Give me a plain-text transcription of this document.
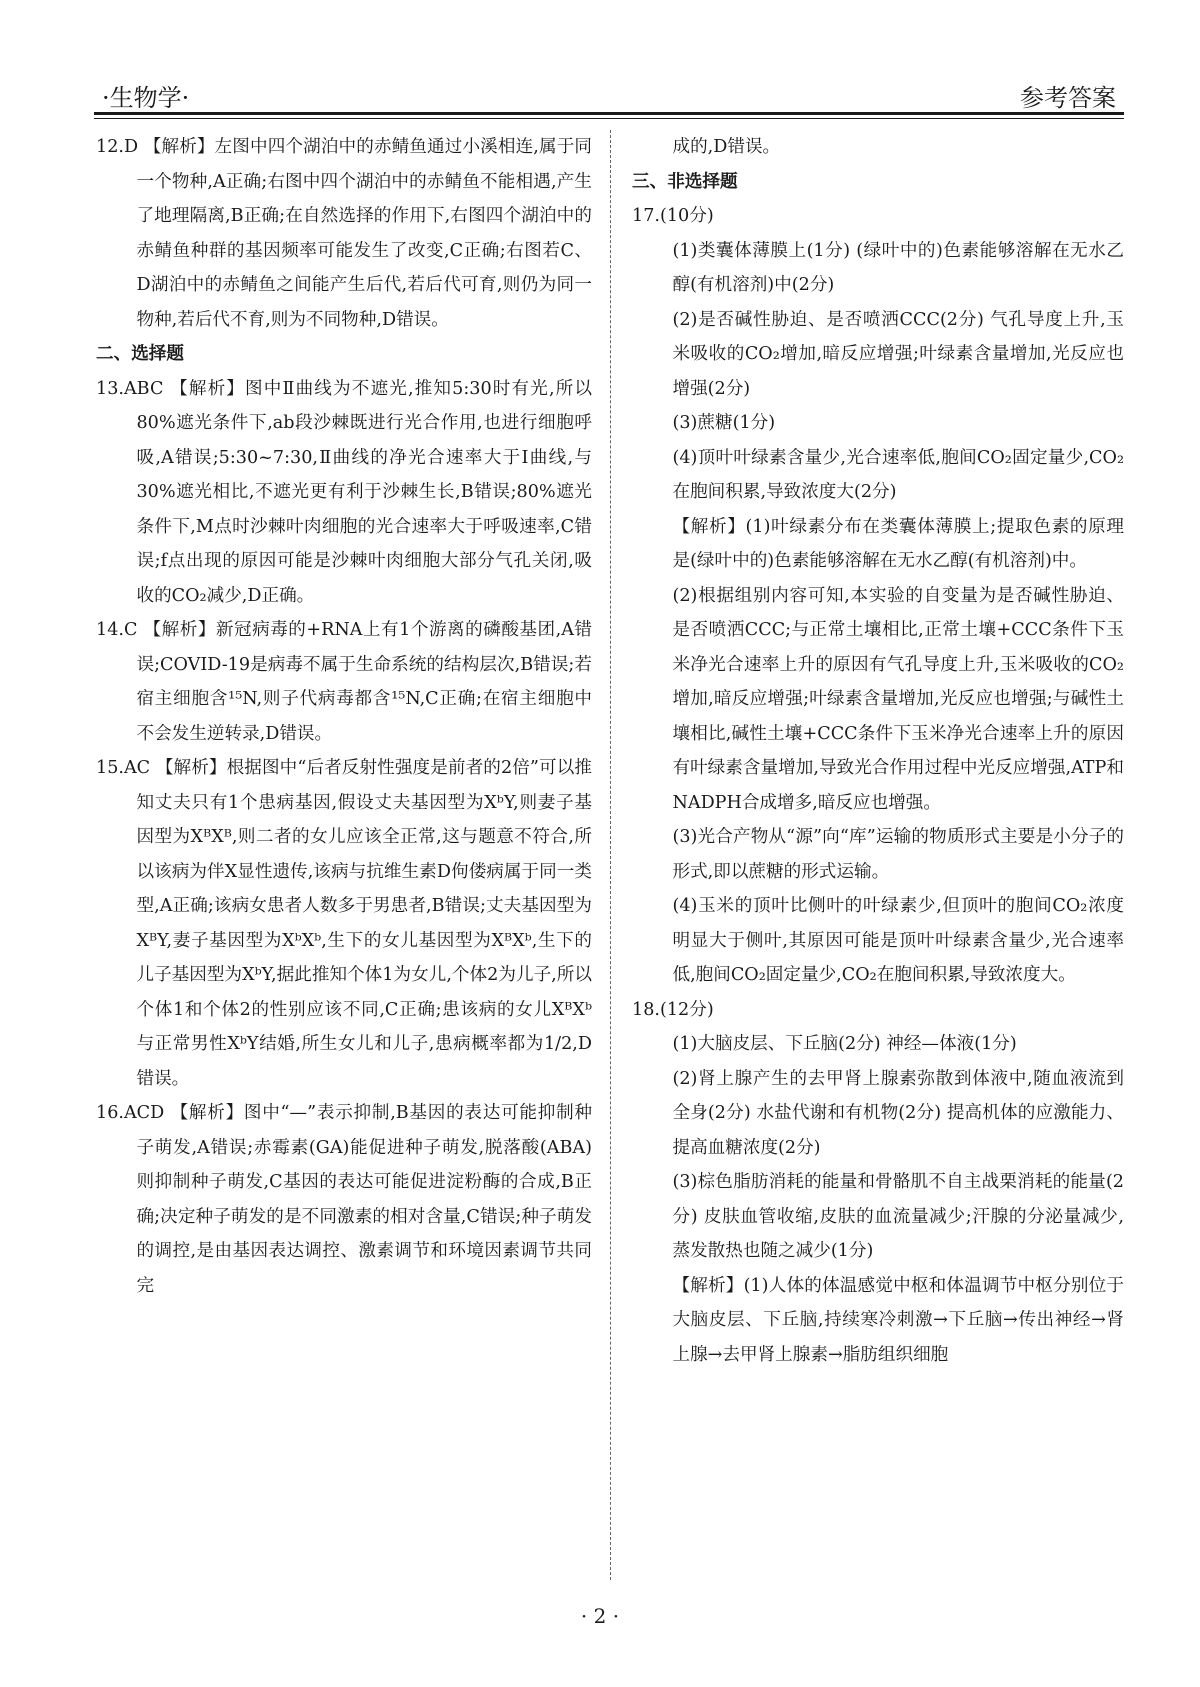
·生物学·	参考答案
12.D 【解析】左图中四个湖泊中的赤鲭鱼通过小溪相连,属于同一个物种,A正确;右图中四个湖泊中的赤鲭鱼不能相遇,产生了地理隔离,B正确;在自然选择的作用下,右图四个湖泊中的赤鲭鱼种群的基因频率可能发生了改变,C正确;右图若C、D湖泊中的赤鲭鱼之间能产生后代,若后代可育,则仍为同一物种,若后代不育,则为不同物种,D错误。
二、选择题
13.ABC 【解析】图中Ⅱ曲线为不遮光,推知5:30时有光,所以80%遮光条件下,ab段沙棘既进行光合作用,也进行细胞呼吸,A错误;5:30~7:30,Ⅱ曲线的净光合速率大于Ⅰ曲线,与30%遮光相比,不遮光更有利于沙棘生长,B错误;80%遮光条件下,M点时沙棘叶肉细胞的光合速率大于呼吸速率,C错误;f点出现的原因可能是沙棘叶肉细胞大部分气孔关闭,吸收的CO₂减少,D正确。
14.C 【解析】新冠病毒的+RNA上有1个游离的磷酸基团,A错误;COVID-19是病毒不属于生命系统的结构层次,B错误;若宿主细胞含¹⁵N,则子代病毒都含¹⁵N,C正确;在宿主细胞中不会发生逆转录,D错误。
15.AC 【解析】根据图中“后者反射性强度是前者的2倍”可以推知丈夫只有1个患病基因,假设丈夫基因型为XᵇY,则妻子基因型为XᴮXᴮ,则二者的女儿应该全正常,这与题意不符合,所以该病为伴X显性遗传,该病与抗维生素D佝偻病属于同一类型,A正确;该病女患者人数多于男患者,B错误;丈夫基因型为XᴮY,妻子基因型为XᵇXᵇ,生下的女儿基因型为XᴮXᵇ,生下的儿子基因型为XᵇY,据此推知个体1为女儿,个体2为儿子,所以个体1和个体2的性别应该不同,C正确;患该病的女儿XᴮXᵇ与正常男性XᵇY结婚,所生女儿和儿子,患病概率都为1/2,D错误。
16.ACD 【解析】图中“—”表示抑制,B基因的表达可能抑制种子萌发,A错误;赤霉素(GA)能促进种子萌发,脱落酸(ABA)则抑制种子萌发,C基因的表达可能促进淀粉酶的合成,B正确;决定种子萌发的是不同激素的相对含量,C错误;种子萌发的调控,是由基因表达调控、激素调节和环境因素调节共同完
成的,D错误。
三、非选择题
17.(10分)
(1)类囊体薄膜上(1分) (绿叶中的)色素能够溶解在无水乙醇(有机溶剂)中(2分)
(2)是否碱性胁迫、是否喷洒CCC(2分) 气孔导度上升,玉米吸收的CO₂增加,暗反应增强;叶绿素含量增加,光反应也增强(2分)
(3)蔗糖(1分)
(4)顶叶叶绿素含量少,光合速率低,胞间CO₂固定量少,CO₂在胞间积累,导致浓度大(2分)
【解析】(1)叶绿素分布在类囊体薄膜上;提取色素的原理是(绿叶中的)色素能够溶解在无水乙醇(有机溶剂)中。
(2)根据组别内容可知,本实验的自变量为是否碱性胁迫、是否喷洒CCC;与正常土壤相比,正常土壤+CCC条件下玉米净光合速率上升的原因有气孔导度上升,玉米吸收的CO₂增加,暗反应增强;叶绿素含量增加,光反应也增强;与碱性土壤相比,碱性土壤+CCC条件下玉米净光合速率上升的原因有叶绿素含量增加,导致光合作用过程中光反应增强,ATP和NADPH合成增多,暗反应也增强。
(3)光合产物从“源”向“库”运输的物质形式主要是小分子的形式,即以蔗糖的形式运输。
(4)玉米的顶叶比侧叶的叶绿素少,但顶叶的胞间CO₂浓度明显大于侧叶,其原因可能是顶叶叶绿素含量少,光合速率低,胞间CO₂固定量少,CO₂在胞间积累,导致浓度大。
18.(12分)
(1)大脑皮层、下丘脑(2分) 神经—体液(1分)
(2)肾上腺产生的去甲肾上腺素弥散到体液中,随血液流到全身(2分) 水盐代谢和有机物(2分) 提高机体的应激能力、提高血糖浓度(2分)
(3)棕色脂肪消耗的能量和骨骼肌不自主战栗消耗的能量(2分) 皮肤血管收缩,皮肤的血流量减少;汗腺的分泌量减少,蒸发散热也随之减少(1分)
【解析】(1)人体的体温感觉中枢和体温调节中枢分别位于大脑皮层、下丘脑,持续寒冷刺激→下丘脑→传出神经→肾上腺→去甲肾上腺素→脂肪组织细胞
· 2 ·
